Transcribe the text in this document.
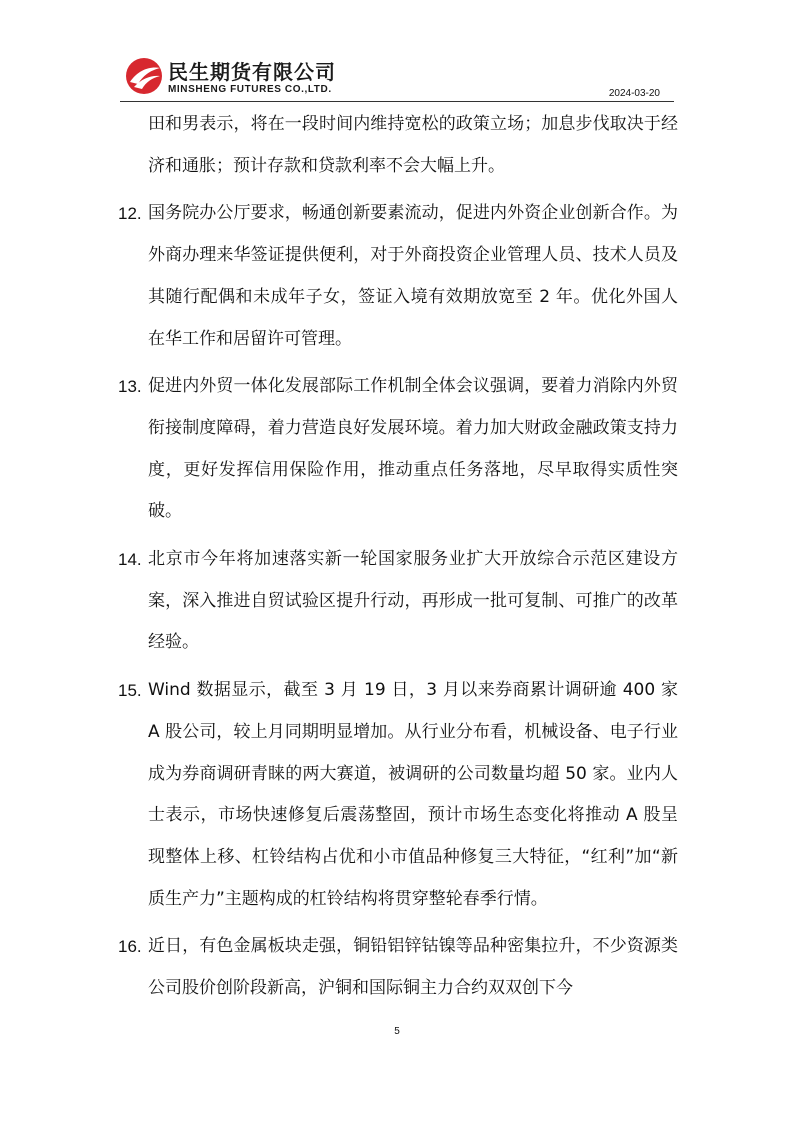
民生期货有限公司
MINSHENG FUTURES CO.,LTD.	2024-03-20
田和男表示，将在一段时间内维持宽松的政策立场；加息步伐取决于经济和通胀；预计存款和贷款利率不会大幅上升。
12. 国务院办公厅要求，畅通创新要素流动，促进内外资企业创新合作。为外商办理来华签证提供便利，对于外商投资企业管理人员、技术人员及其随行配偶和未成年子女，签证入境有效期放宽至 2 年。优化外国人在华工作和居留许可管理。
13. 促进内外贸一体化发展部际工作机制全体会议强调，要着力消除内外贸衔接制度障碍，着力营造良好发展环境。着力加大财政金融政策支持力度，更好发挥信用保险作用，推动重点任务落地，尽早取得实质性突破。
14. 北京市今年将加速落实新一轮国家服务业扩大开放综合示范区建设方案，深入推进自贸试验区提升行动，再形成一批可复制、可推广的改革经验。
15. Wind 数据显示，截至 3 月 19 日，3 月以来券商累计调研逾 400 家 A 股公司，较上月同期明显增加。从行业分布看，机械设备、电子行业成为券商调研青睐的两大赛道，被调研的公司数量均超 50 家。业内人士表示，市场快速修复后震荡整固，预计市场生态变化将推动 A 股呈现整体上移、杠铃结构占优和小市值品种修复三大特征，“红利”加“新质生产力”主题构成的杠铃结构将贯穿整轮春季行情。
16. 近日，有色金属板块走强，铜铅铝锌钴镍等品种密集拉升，不少资源类公司股价创阶段新高，沪铜和国际铜主力合约双双创下今
5
